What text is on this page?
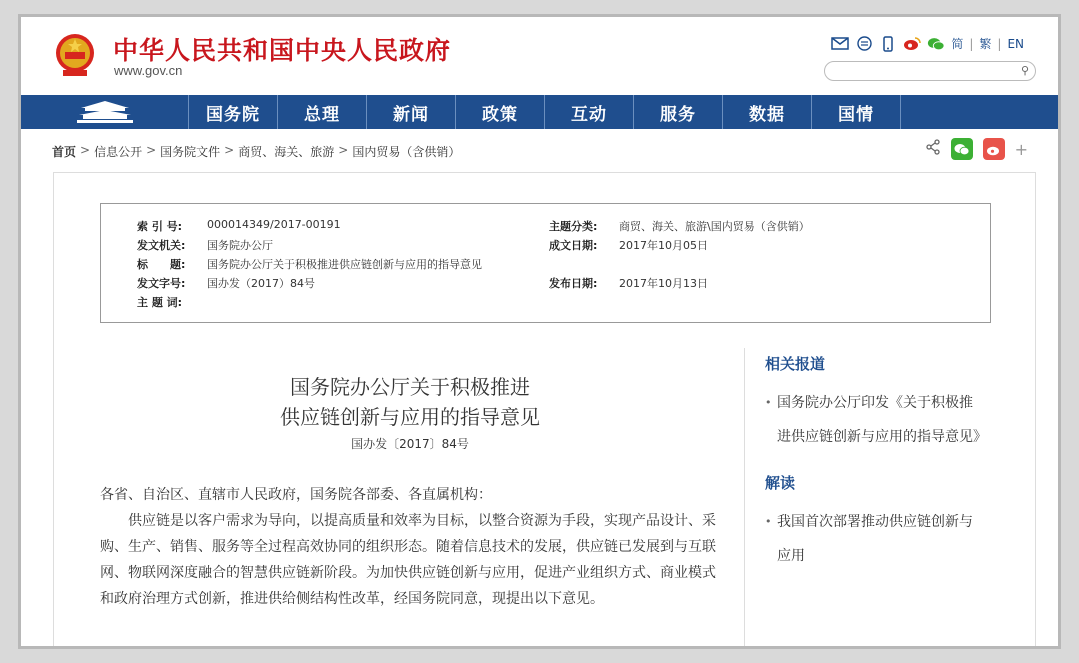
中华人民共和国中央人民政府
www.gov.cn
简 | 繁 | EN
⚲
国务院	总理	新闻	政策	互动	服务	数据	国情
首页 > 信息公开 > 国务院文件 > 商贸、海关、旅游 > 国内贸易（含供销）	+
索 引 号:	000014349/2017-00191	主题分类:	商贸、海关、旅游\国内贸易（含供销）
发文机关:	国务院办公厅	成文日期:	2017年10月05日
标　　题:	国务院办公厅关于积极推进供应链创新与应用的指导意见
发文字号:	国办发（2017）84号	发布日期:	2017年10月13日
主 题 词:
国务院办公厅关于积极推进
供应链创新与应用的指导意见
国办发〔2017〕84号

各省、自治区、直辖市人民政府，国务院各部委、各直属机构：

供应链是以客户需求为导向，以提高质量和效率为目标，以整合资源为手段，实现产品设计、采购、生产、销售、服务等全过程高效协同的组织形态。随着信息技术的发展，供应链已发展到与互联网、物联网深度融合的智慧供应链新阶段。为加快供应链创新与应用，促进产业组织方式、商业模式和政府治理方式创新，推进供给侧结构性改革，经国务院同意，现提出以下意见。

相关报道
• 国务院办公厅印发《关于积极推进供应链创新与应用的指导意见》
解读
• 我国首次部署推动供应链创新与应用
